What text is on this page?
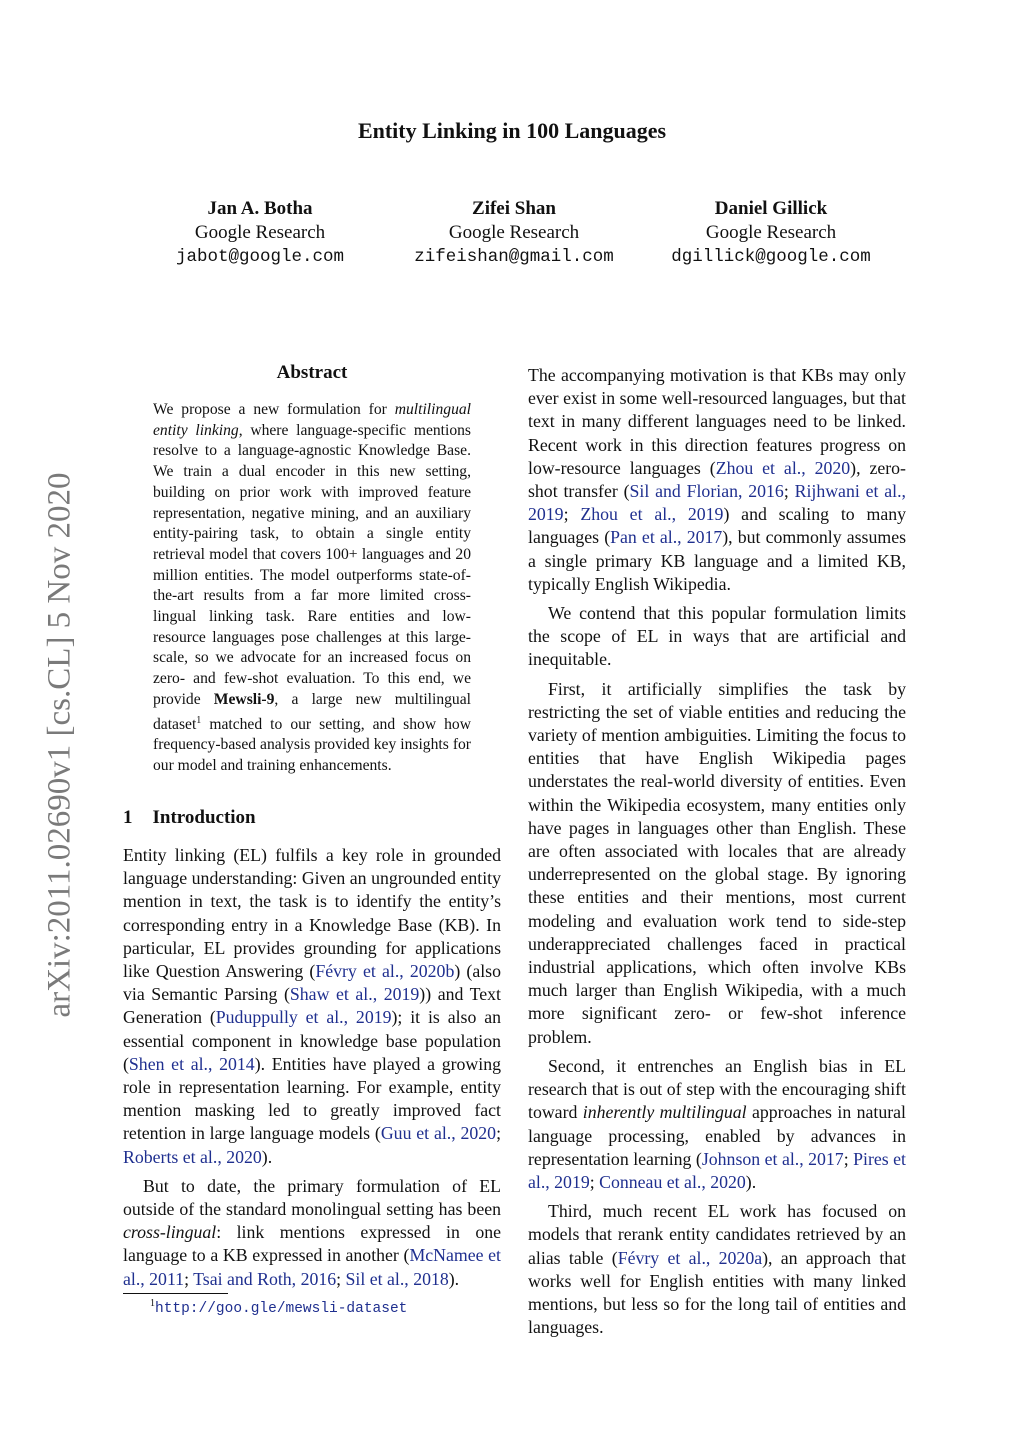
Entity Linking in 100 Languages
Jan A. Botha
Google Research
jabot@google.com
Zifei Shan
Google Research
zifeishan@gmail.com
Daniel Gillick
Google Research
dgillick@google.com
arXiv:2011.02690v1 [cs.CL] 5 Nov 2020
Abstract

We propose a new formulation for multilingual entity linking, where language-specific mentions resolve to a language-agnostic Knowledge Base. We train a dual encoder in this new setting, building on prior work with improved feature representation, negative mining, and an auxiliary entity-pairing task, to obtain a single entity retrieval model that covers 100+ languages and 20 million entities. The model outperforms state-of-the-art results from a far more limited cross-lingual linking task. Rare entities and low-resource languages pose challenges at this large-scale, so we advocate for an increased focus on zero- and few-shot evaluation. To this end, we provide Mewsli-9, a large new multilingual dataset$^1$ matched to our setting, and show how frequency-based analysis provided key insights for our model and training enhancements.

1 Introduction

Entity linking (EL) fulfils a key role in grounded language understanding: Given an ungrounded entity mention in text, the task is to identify the entity’s corresponding entry in a Knowledge Base (KB). In particular, EL provides grounding for applications like Question Answering (Févry et al., 2020b) (also via Semantic Parsing (Shaw et al., 2019)) and Text Generation (Puduppully et al., 2019); it is also an essential component in knowledge base population (Shen et al., 2014). Entities have played a growing role in representation learning. For example, entity mention masking led to greatly improved fact retention in large language models (Guu et al., 2020; Roberts et al., 2020).

But to date, the primary formulation of EL outside of the standard monolingual setting has been cross-lingual: link mentions expressed in one language to a KB expressed in another (McNamee et al., 2011; Tsai and Roth, 2016; Sil et al., 2018).

$^1$http://goo.gle/mewsli-dataset

The accompanying motivation is that KBs may only ever exist in some well-resourced languages, but that text in many different languages need to be linked. Recent work in this direction features progress on low-resource languages (Zhou et al., 2020), zero-shot transfer (Sil and Florian, 2016; Rijhwani et al., 2019; Zhou et al., 2019) and scaling to many languages (Pan et al., 2017), but commonly assumes a single primary KB language and a limited KB, typically English Wikipedia.

We contend that this popular formulation limits the scope of EL in ways that are artificial and inequitable.

First, it artificially simplifies the task by restricting the set of viable entities and reducing the variety of mention ambiguities. Limiting the focus to entities that have English Wikipedia pages understates the real-world diversity of entities. Even within the Wikipedia ecosystem, many entities only have pages in languages other than English. These are often associated with locales that are already underrepresented on the global stage. By ignoring these entities and their mentions, most current modeling and evaluation work tend to side-step underappreciated challenges faced in practical industrial applications, which often involve KBs much larger than English Wikipedia, with a much more significant zero- or few-shot inference problem.

Second, it entrenches an English bias in EL research that is out of step with the encouraging shift toward inherently multilingual approaches in natural language processing, enabled by advances in representation learning (Johnson et al., 2017; Pires et al., 2019; Conneau et al., 2020).

Third, much recent EL work has focused on models that rerank entity candidates retrieved by an alias table (Févry et al., 2020a), an approach that works well for English entities with many linked mentions, but less so for the long tail of entities and languages.
